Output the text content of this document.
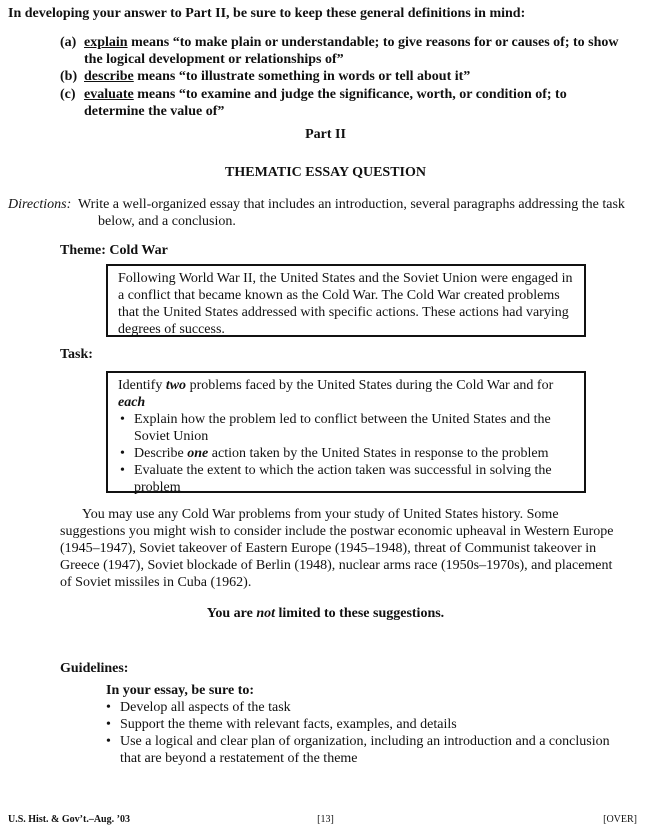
In developing your answer to Part II, be sure to keep these general definitions in mind:
(a) explain means “to make plain or understandable; to give reasons for or causes of; to show the logical development or relationships of”
(b) describe means “to illustrate something in words or tell about it”
(c) evaluate means “to examine and judge the significance, worth, or condition of; to determine the value of”
Part II
THEMATIC ESSAY QUESTION
Directions: Write a well-organized essay that includes an introduction, several paragraphs addressing the task below, and a conclusion.
Theme: Cold War
Following World War II, the United States and the Soviet Union were engaged in a conflict that became known as the Cold War. The Cold War created problems that the United States addressed with specific actions. These actions had varying degrees of success.
Task:
Identify two problems faced by the United States during the Cold War and for
each
• Explain how the problem led to conflict between the United States and the Soviet Union
• Describe one action taken by the United States in response to the problem
• Evaluate the extent to which the action taken was successful in solving the problem
You may use any Cold War problems from your study of United States history. Some suggestions you might wish to consider include the postwar economic upheaval in Western Europe (1945–1947), Soviet takeover of Eastern Europe (1945–1948), threat of Communist takeover in Greece (1947), Soviet blockade of Berlin (1948), nuclear arms race (1950s–1970s), and placement of Soviet missiles in Cuba (1962).
You are not limited to these suggestions.
Guidelines:
In your essay, be sure to:
• Develop all aspects of the task
• Support the theme with relevant facts, examples, and details
• Use a logical and clear plan of organization, including an introduction and a conclusion that are beyond a restatement of the theme
U.S. Hist. & Gov’t.–Aug. ’03	[13]	[OVER]
